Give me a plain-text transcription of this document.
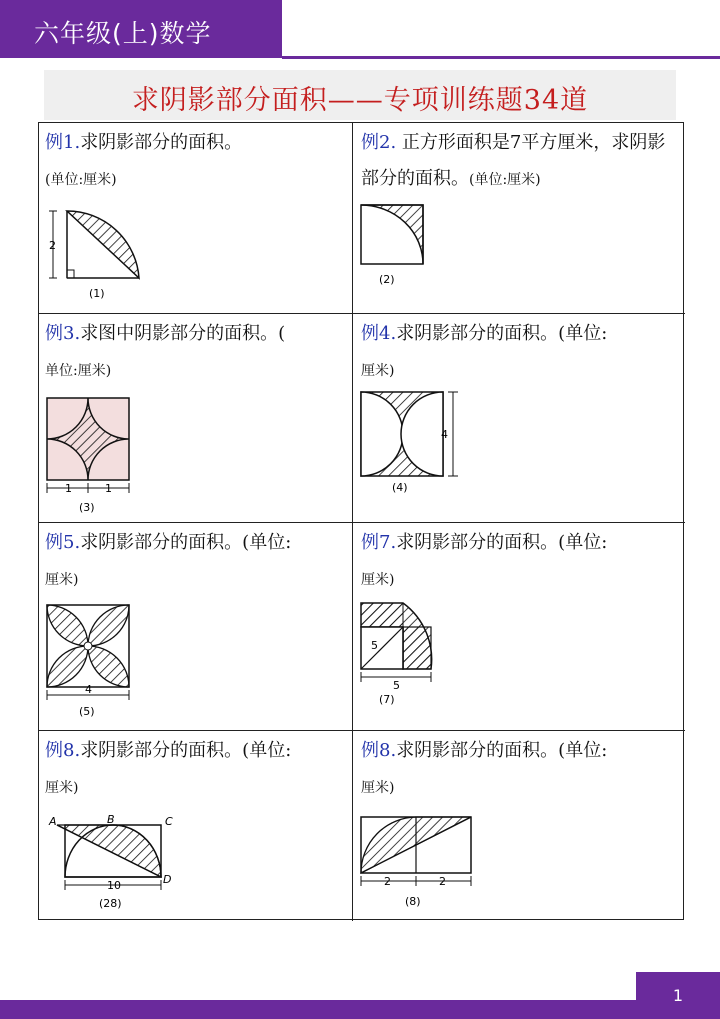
六年级(上)数学
求阴影部分面积——专项训练题34道
例1.求阴影部分的面积。
(单位:厘米)
2
(1)
例2. 正方形面积是7平方厘米，求阴影部分的面积。(单位:厘米)
(2)
例3.求图中阴影部分的面积。(
单位:厘米)
1	1
(3)
例4.求阴影部分的面积。(单位:
厘米)
4
(4)
例5.求阴影部分的面积。(单位:
厘米)
4
(5)
例7.求阴影部分的面积。(单位:
厘米)
5
5
(7)
例8.求阴影部分的面积。(单位:
厘米)
A	B	C
D
10
(28)
例8.求阴影部分的面积。(单位:
厘米)
2	2
(8)
1
